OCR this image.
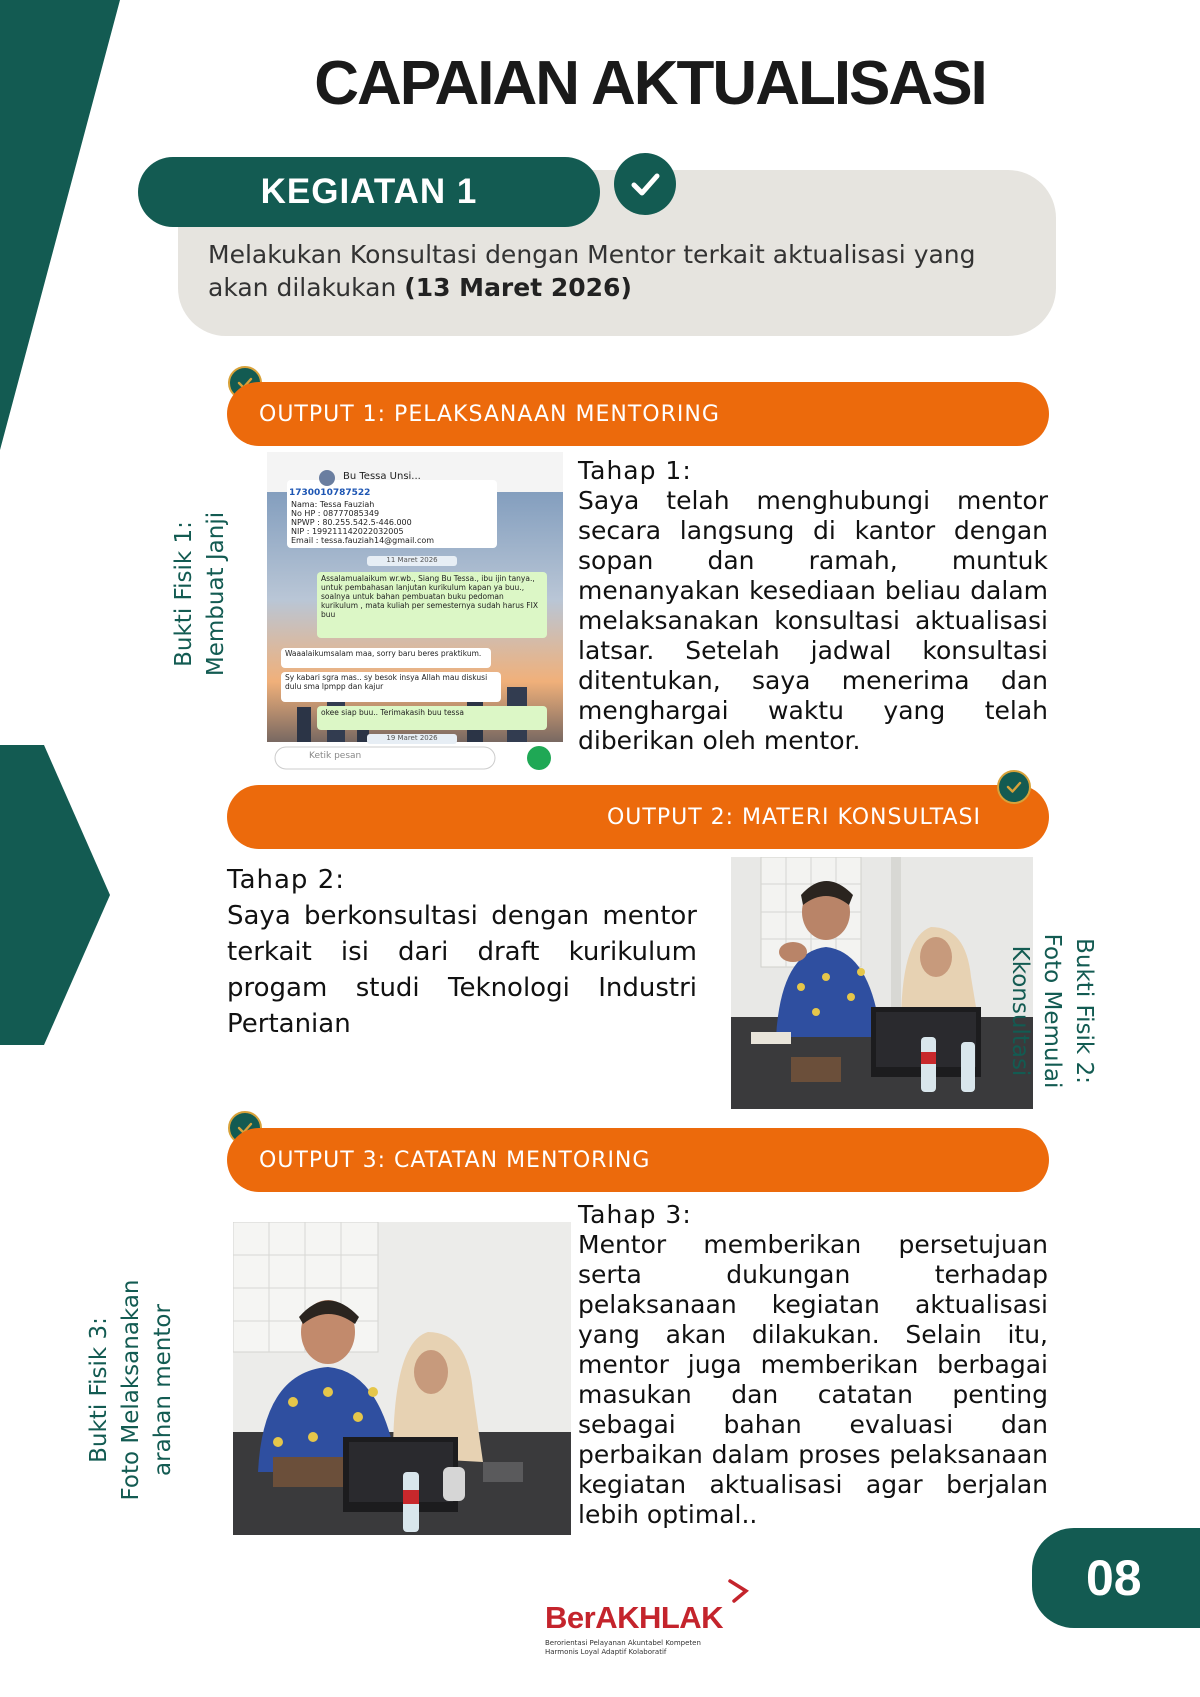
CAPAIAN AKTUALISASI
KEGIATAN 1
Melakukan Konsultasi dengan Mentor terkait aktualisasi yang akan dilakukan (13 Maret 2026)
OUTPUT 1: PELAKSANAAN MENTORING
Bu Tessa Unsi...
1730010787522
Nama: Tessa Fauziah
No HP : 08777085349
NPWP : 80.255.542.5-446.000
NIP : 199211142022032005
Email : tessa.fauziah14@gmail.com
11 Maret 2026
Assalamualaikum wr.wb., Siang Bu Tessa., ibu ijin tanya., untuk pembahasan lanjutan kurikulum kapan ya buu., soalnya untuk bahan pembuatan buku pedoman kurikulum , mata kuliah per semesternya sudah harus FIX buu
Waaalaikumsalam maa, sorry baru beres praktikum.
Sy kabari sgra mas.. sy besok insya Allah mau diskusi dulu sma lpmpp dan kajur
okee siap buu.. Terimakasih buu tessa
19 Maret 2026
Ketik pesan
Bukti Fisik 1: Membuat Janji
Tahap 1:
Saya telah menghubungi mentor secara langsung di kantor dengan sopan dan ramah, muntuk menanyakan kesediaan beliau dalam melaksanakan konsultasi aktualisasi latsar. Setelah jadwal konsultasi ditentukan, saya menerima dan menghargai waktu yang telah diberikan oleh mentor.
OUTPUT 2: MATERI KONSULTASI
Tahap 2:
Saya berkonsultasi dengan mentor terkait isi dari draft kurikulum progam studi Teknologi Industri Pertanian	Bukti Fisik 2:
Foto Memulai
Kkonsultasi
OUTPUT 3: CATATAN MENTORING
Bukti Fisik 3: Foto Melaksanakan arahan mentor
Tahap 3:
Mentor memberikan persetujuan serta dukungan terhadap pelaksanaan kegiatan aktualisasi yang akan dilakukan. Selain itu, mentor juga memberikan berbagai masukan dan catatan penting sebagai bahan evaluasi dan perbaikan dalam proses pelaksanaan kegiatan aktualisasi agar berjalan lebih optimal..
08
BerAKHLAK
Berorientasi Pelayanan Akuntabel Kompeten
Harmonis Loyal Adaptif Kolaboratif
